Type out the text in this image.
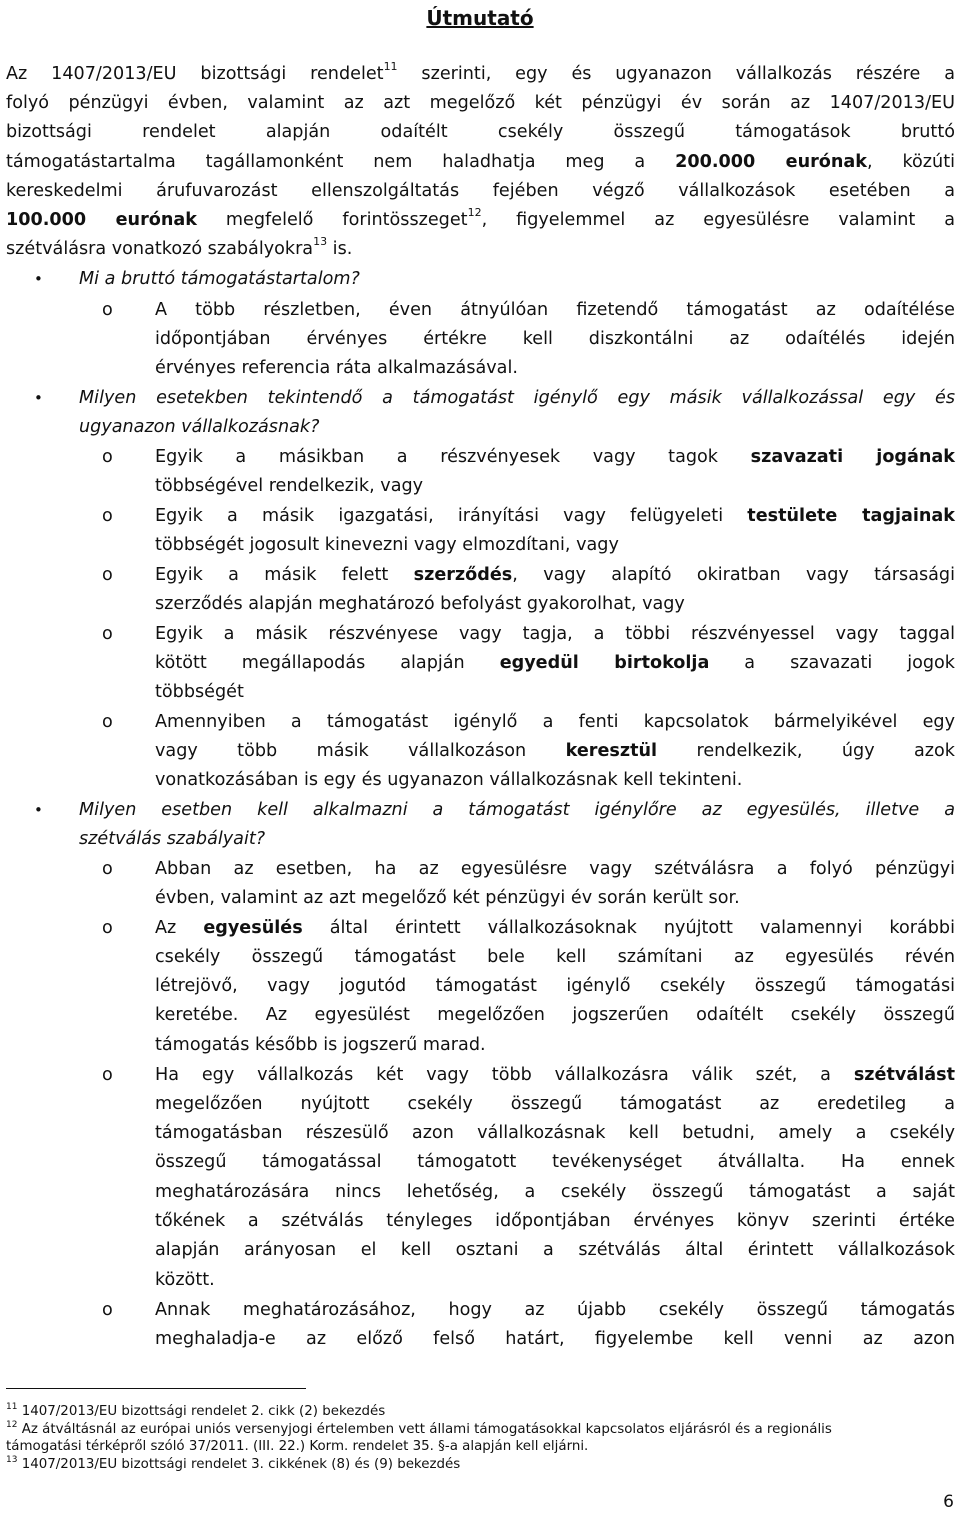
Útmutató
Az 1407/2013/EU bizottsági rendelet$^{11}$ szerinti, egy és ugyanazon vállalkozás részére a
folyó pénzügyi évben, valamint az azt megelőző két pénzügyi év során az 1407/2013/EU
bizottsági rendelet alapján odaítélt csekély összegű támogatások bruttó
támogatástartalma tagállamonként nem haladhatja meg a 200.000 eurónak, közúti
kereskedelmi árufuvarozást ellenszolgáltatás fejében végző vállalkozások esetében a
100.000 eurónak megfelelő forintösszeget$^{12}$, figyelemmel az egyesülésre valamint a
szétválásra vonatkozó szabályokra$^{13}$ is.
•	Mi a bruttó támogatástartalom?
o A több részletben, éven átnyúlóan fizetendő támogatást az odaítélése
időpontjában érvényes értékre kell diszkontálni az odaítélés idején
érvényes referencia ráta alkalmazásával.
•	Milyen esetekben tekintendő a támogatást igénylő egy másik vállalkozással egy és
ugyanazon vállalkozásnak?
o Egyik a másikban a részvényesek vagy tagok szavazati jogának
többségével rendelkezik, vagy
o Egyik a másik igazgatási, irányítási vagy felügyeleti testülete tagjainak
többségét jogosult kinevezni vagy elmozdítani, vagy
o Egyik a másik felett szerződés, vagy alapító okiratban vagy társasági
szerződés alapján meghatározó befolyást gyakorolhat, vagy
o Egyik a másik részvényese vagy tagja, a többi részvényessel vagy taggal
kötött megállapodás alapján egyedül birtokolja a szavazati jogok
többségét
o Amennyiben a támogatást igénylő a fenti kapcsolatok bármelyikével egy
vagy több másik vállalkozáson keresztül rendelkezik, úgy azok
vonatkozásában is egy és ugyanazon vállalkozásnak kell tekinteni.
•	Milyen esetben kell alkalmazni a támogatást igénylőre az egyesülés, illetve a
szétválás szabályait?
o Abban az esetben, ha az egyesülésre vagy szétválásra a folyó pénzügyi
évben, valamint az azt megelőző két pénzügyi év során került sor.
o Az egyesülés által érintett vállalkozásoknak nyújtott valamennyi korábbi
csekély összegű támogatást bele kell számítani az egyesülés révén
létrejövő, vagy jogutód támogatást igénylő csekély összegű támogatási
keretébe. Az egyesülést megelőzően jogszerűen odaítélt csekély összegű
támogatás később is jogszerű marad.
o Ha egy vállalkozás két vagy több vállalkozásra válik szét, a szétválást
megelőzően nyújtott csekély összegű támogatást az eredetileg a
támogatásban részesülő azon vállalkozásnak kell betudni, amely a csekély
összegű támogatással támogatott tevékenységet átvállalta. Ha ennek
meghatározására nincs lehetőség, a csekély összegű támogatást a saját
tőkének a szétválás tényleges időpontjában érvényes könyv szerinti értéke
alapján arányosan el kell osztani a szétválás által érintett vállalkozások
között.
o Annak meghatározásához, hogy az újabb csekély összegű támogatás
meghaladja-e az előző felső határt, figyelembe kell venni az azon
$^{11}$ 1407/2013/EU bizottsági rendelet 2. cikk (2) bekezdés
$^{12}$ Az átváltásnál az európai uniós versenyjogi értelemben vett állami támogatásokkal kapcsolatos eljárásról és a regionális
támogatási térképről szóló 37/2011. (III. 22.) Korm. rendelet 35. §-a alapján kell eljárni.
$^{13}$ 1407/2013/EU bizottsági rendelet 3. cikkének (8) és (9) bekezdés
6
